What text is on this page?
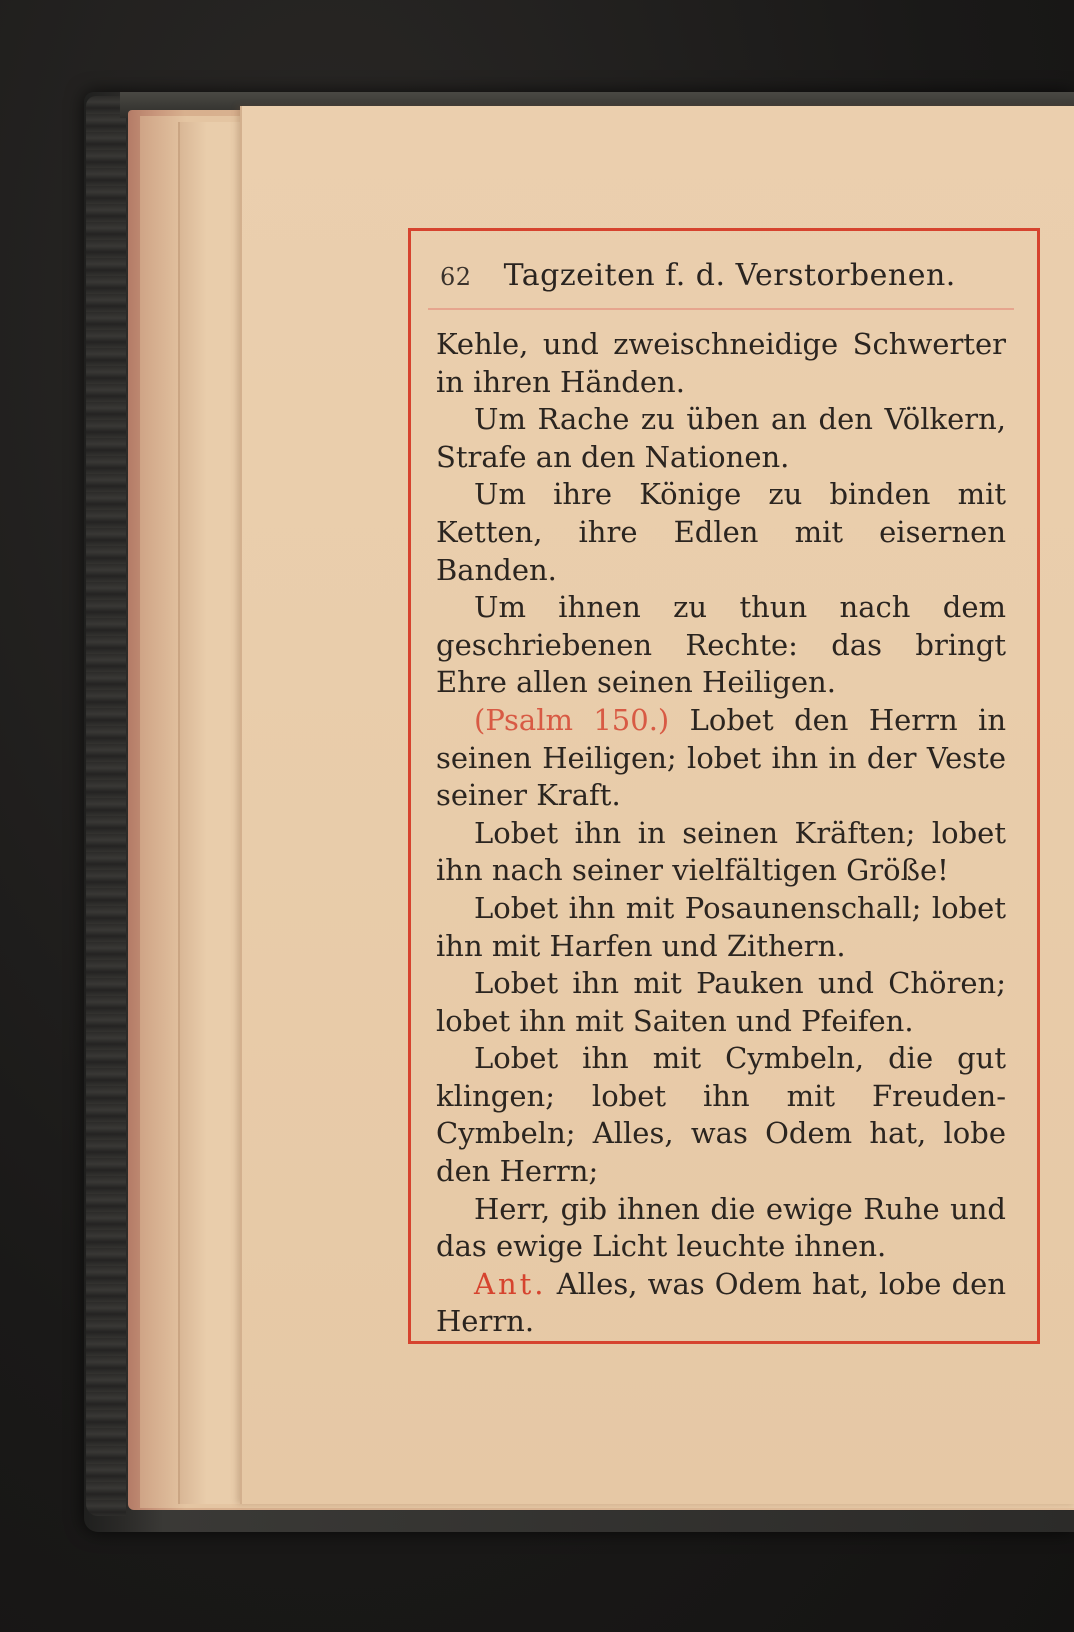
62 Tagzeiten f. d. Verstorbenen.

Kehle, und zweischneidige Schwerter in ihren Händen.

Um Rache zu üben an den Völkern, Strafe an den Nationen.

Um ihre Könige zu binden mit Ketten, ihre Edlen mit eisernen Banden.

Um ihnen zu thun nach dem geschriebenen Rechte: das bringt Ehre allen seinen Heiligen.

(Psalm 150.) Lobet den Herrn in seinen Heiligen; lobet ihn in der Veste seiner Kraft.

Lobet ihn in seinen Kräften; lobet ihn nach seiner vielfältigen Größe!

Lobet ihn mit Posaunenschall; lobet ihn mit Harfen und Zithern.

Lobet ihn mit Pauken und Chören; lobet ihn mit Saiten und Pfeifen.

Lobet ihn mit Cymbeln, die gut klingen; lobet ihn mit Freuden-Cymbeln; Alles, was Odem hat, lobe den Herrn;

Herr, gib ihnen die ewige Ruhe und das ewige Licht leuchte ihnen.

Ant. Alles, was Odem hat, lobe den Herrn.
